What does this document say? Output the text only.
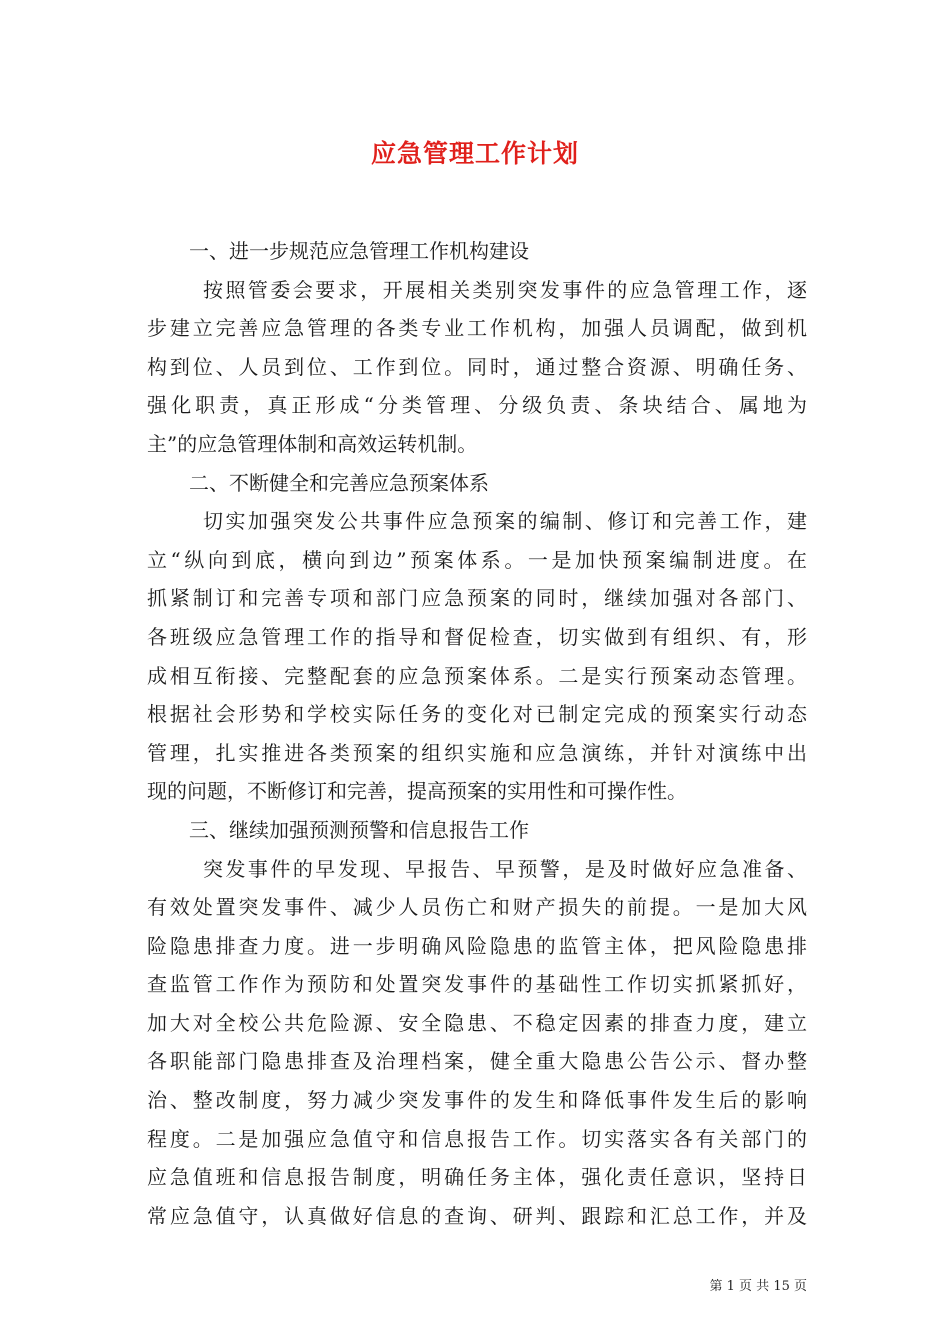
应急管理工作计划
一、进一步规范应急管理工作机构建设
按照管委会要求，开展相关类别突发事件的应急管理工作，逐
步建立完善应急管理的各类专业工作机构，加强人员调配，做到机
构到位、人员到位、工作到位。同时，通过整合资源、明确任务、
强化职责，真正形成“分类管理、分级负责、条块结合、属地为
主”的应急管理体制和高效运转机制。
二、不断健全和完善应急预案体系
切实加强突发公共事件应急预案的编制、修订和完善工作，建
立“纵向到底，横向到边”预案体系。一是加快预案编制进度。在
抓紧制订和完善专项和部门应急预案的同时，继续加强对各部门、
各班级应急管理工作的指导和督促检查，切实做到有组织、有，形
成相互衔接、完整配套的应急预案体系。二是实行预案动态管理。
根据社会形势和学校实际任务的变化对已制定完成的预案实行动态
管理，扎实推进各类预案的组织实施和应急演练，并针对演练中出
现的问题，不断修订和完善，提高预案的实用性和可操作性。
三、继续加强预测预警和信息报告工作
突发事件的早发现、早报告、早预警，是及时做好应急准备、
有效处置突发事件、减少人员伤亡和财产损失的前提。一是加大风
险隐患排查力度。进一步明确风险隐患的监管主体，把风险隐患排
查监管工作作为预防和处置突发事件的基础性工作切实抓紧抓好，
加大对全校公共危险源、安全隐患、不稳定因素的排查力度，建立
各职能部门隐患排查及治理档案，健全重大隐患公告公示、督办整
治、整改制度，努力减少突发事件的发生和降低事件发生后的影响
程度。二是加强应急值守和信息报告工作。切实落实各有关部门的
应急值班和信息报告制度，明确任务主体，强化责任意识，坚持日
常应急值守，认真做好信息的查询、研判、跟踪和汇总工作，并及
第 1 页 共 15 页
